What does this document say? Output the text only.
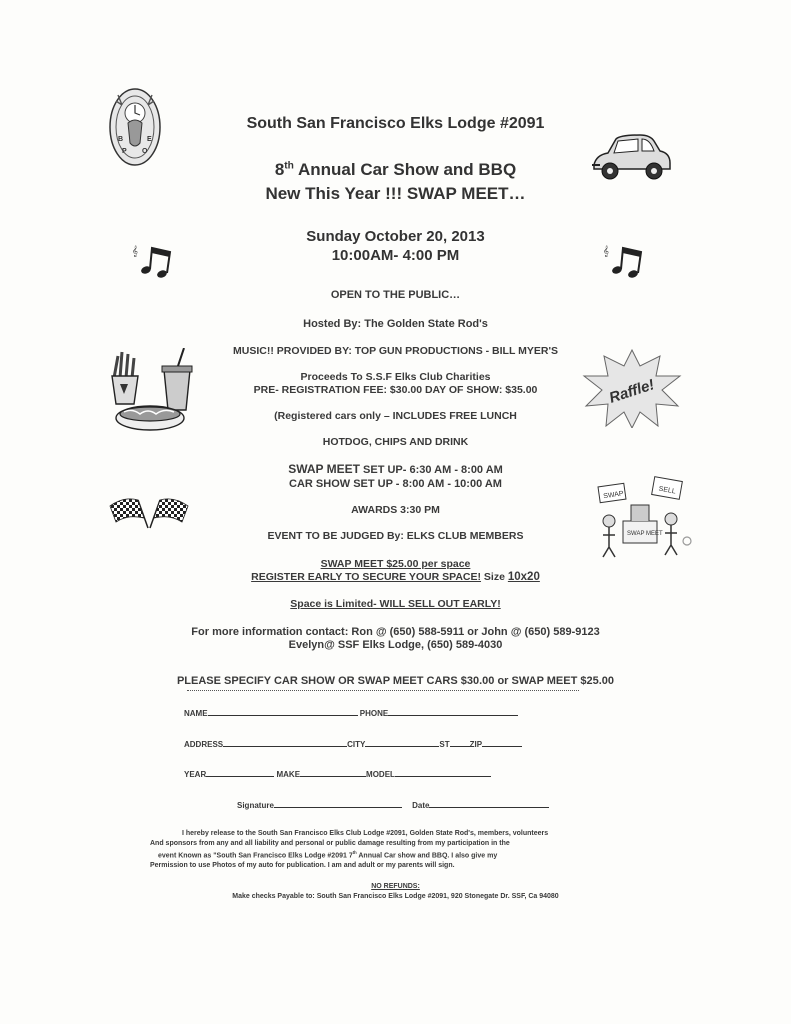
B
P O
E
𝄞	𝄞
Raffle!
SWAP	SELL
SWAP MEET
South San Francisco Elks Lodge #2091
8th Annual Car Show and BBQ
New This Year !!! SWAP MEET…
Sunday October 20, 2013
10:00AM- 4:00 PM
OPEN TO THE PUBLIC…
Hosted By: The Golden State Rod's
MUSIC!! PROVIDED BY: TOP GUN PRODUCTIONS - BILL MYER'S
Proceeds To S.S.F Elks Club Charities
PRE- REGISTRATION FEE: $30.00 DAY OF SHOW: $35.00
(Registered cars only – INCLUDES FREE LUNCH
HOTDOG, CHIPS AND DRINK
SWAP MEET SET UP- 6:30 AM - 8:00 AM
CAR SHOW SET UP - 8:00 AM - 10:00 AM
AWARDS 3:30 PM
EVENT TO BE JUDGED By: ELKS CLUB MEMBERS
SWAP MEET $25.00 per space
REGISTER EARLY TO SECURE YOUR SPACE! Size 10x20
Space is Limited- WILL SELL OUT EARLY!
For more information contact: Ron @ (650) 588-5911 or John @ (650) 589-9123
Evelyn@ SSF Elks Lodge, (650) 589-4030
PLEASE SPECIFY CAR SHOW OR SWAP MEET CARS $30.00 or SWAP MEET $25.00
NAME	PHONE
ADDRESS	CITY	ST	ZIP
YEAR	MAKE	MODEL
Signature	Date
I hereby release to the South San Francisco Elks Club Lodge #2091, Golden State Rod's, members, volunteers
And sponsors from any and all liability and personal or public damage resulting from my participation in the
event Known as "South San Francisco Elks Lodge #2091 7th Annual Car show and BBQ. I also give my
Permission to use Photos of my auto for publication. I am and adult or my parents will sign.
NO REFUNDS:
Make checks Payable to: South San Francisco Elks Lodge #2091, 920 Stonegate Dr. SSF, Ca 94080
